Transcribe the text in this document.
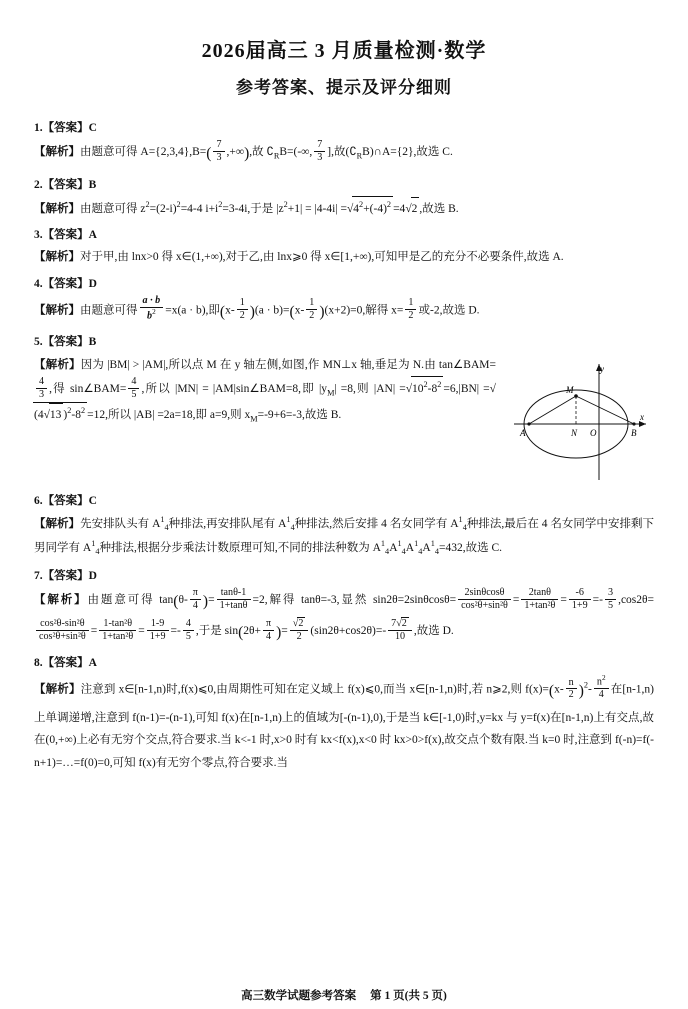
2026届高三 3 月质量检测·数学
参考答案、提示及评分细则
1.【答案】C
【解析】由题意可得 $A=\{2,3,4\},B=( \frac{7}{3}$ ,+∞),故 $∁_RB=(-\infty$, $\frac{7}{3}$ ],故$(∁_RB)\cap A=\{2\}$,故选 C.
2.【答案】B
【解析】由题意可得 $z^2=(2-i)^2=4-4$ $i+i^2=3-4i$,于是 $|z^2+1| = |4-4i| =√4^2+(-4)^2 =4√2$ ,故选 B.
3.【答案】A
【解析】对于甲,由 lnx>0 得 x∈(1,+∞),对于乙,由 lnx⩾0 得 x∈[1,+∞),可知甲是乙的充分不必要条件,故选 A.
4.【答案】D
【解析】由题意可得 $\frac{a \cdot b}{b^2} =x(a \cdot b)$,即$(x- \frac{1}{2} )(a \cdot b)=(x- \frac{1}{2} )(x+2)=0$,解得 $x= \frac{1}{2}$ 或-2,故选 D.
5.【答案】B
y
M
A	N O	B
x
【解析】因为 |BM| > |AM|,所以点 M 在 y 轴左侧,如图,作 MN⊥x 轴,垂足为 N.由 tan∠BAM=
$\frac{4}{3}$ ,得 sin∠BAM= $\frac{4}{5}$ ,所以 |MN| = |AM|sin∠BAM=8,即 $|y_M| =8$,则 $|AN| =√10^2-8^2 =6,|BN| =√(4√13$ )$^2-8^2 =12$,所以 |AB| =2a=18,即 a=9,则 $x_M=-9+6=-3$,故选 B.
6.【答案】C
【解析】先安排队头有 $A^1_4$种排法,再安排队尾有 $A^1_4$种排法,然后安排 4 名女同学有 $A^1_4$种排法,最后在 4 名女同学中安排剩下男同学有 $A^1_4$种排法,根据分步乘法计数原理可知,不同的排法种数为 $A^1_4A^1_4A^1_4A^1_4=432$,故选 C.
7.【答案】D
【解析】由题意可得 $\tan(\theta- \frac{\pi}{4}$ )= $\frac{\tan\theta-1}{1+\tan\theta} =2$,解得 tanθ=-3,显然 $\sin 2\theta=2\sin\theta\cos\theta= \frac{2\sin\theta\cos\theta}{\text{cos²θ+sin²θ}} = \frac{2\tan\theta}{\text{1+tan²θ}} = \frac{-6}{1+9} =- \frac{3}{5} ,\cos 2\theta=$
$\frac{\text{cos²θ-sin²θ}}{\text{cos²θ+sin²θ}} = \frac{\text{1-tan²θ}}{\text{1+tan²θ}} = \frac{1-9}{1+9} =- \frac{4}{5}$ ,于是 $\sin(2\theta+ \frac{\pi}{4}$ )= $\frac{√2}{2} (\sin 2\theta+\cos 2\theta)=- \frac{7√2}{10}$ ,故选 D.
8.【答案】A
【解析】注意到 x∈[n-1,n)时,f(x)⩽0,由周期性可知在定义域上 f(x)⩽0,而当 x∈[n-1,n)时,若 n⩾2,则 $f(x)=(x- \frac{n}{2} )^2- \frac{n^2}{4}$ 在[n-1,n)上单调递增,注意到 f(n-1)=-(n-1),可知 f(x)在[n-1,n)上的值域为[-(n-1),0),于是当 k∈[-1,0)时,y=kx 与 y=f(x)在[n-1,n)上有交点,故在(0,+∞)上必有无穷个交点,符合要求.当 k<-1 时,x>0 时有 kx<f(x),x<0 时 kx>0>f(x),故交点个数有限.当 k=0 时,注意到 f(-n)=f(-n+1)=…=f(0)=0,可知 f(x)有无穷个零点,符合要求.当
高三数学试题参考答案 第 1 页(共 5 页)
